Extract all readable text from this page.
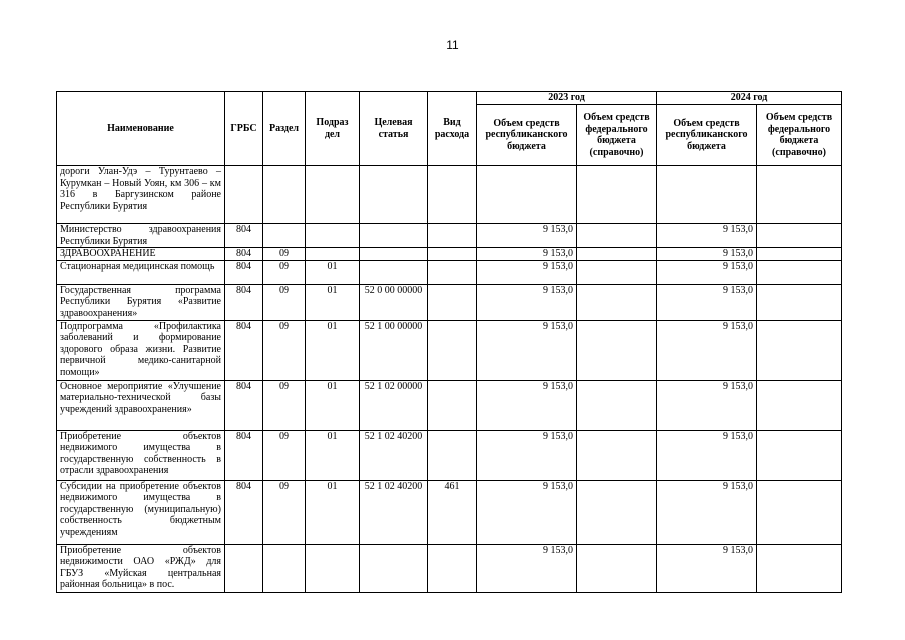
11
Наименование	ГРБС	Раздел	Подраз дел	Целевая статья	Вид расхода	2023 год		2024 год	
						Объем средств республиканского бюджета	Объем средств федерального бюджета (справочно)	Объем средств республиканского бюджета	Объем средств федерального бюджета (справочно)
дороги Улан-Удэ – Турунтаево – Курумкан – Новый Уоян, км 306 – км 316 в Баргузинском районе Республики Бурятия									
Министерство здравоохранения Республики Бурятия	804					9 153,0		9 153,0	
ЗДРАВООХРАНЕНИЕ	804	09				9 153,0		9 153,0	
Стационарная медицинская помощь	804	09	01			9 153,0		9 153,0	
Государственная программа Республики Бурятия «Развитие здравоохранения»	804	09	01	52 0 00 00000		9 153,0		9 153,0	
Подпрограмма «Профилактика заболеваний и формирование здорового образа жизни. Развитие первичной медико-санитарной помощи»	804	09	01	52 1 00 00000		9 153,0		9 153,0	
Основное мероприятие «Улучшение материально-технической базы учреждений здравоохранения»	804	09	01	52 1 02 00000		9 153,0		9 153,0	
Приобретение объектов недвижимого имущества в государственную собственность в отрасли здравоохранения	804	09	01	52 1 02 40200		9 153,0		9 153,0	
Субсидии на приобретение объектов недвижимого имущества в государственную (муниципальную) собственность бюджетным учреждениям	804	09	01	52 1 02 40200	461	9 153,0		9 153,0	
Приобретение объектов недвижимости ОАО «РЖД» для ГБУЗ «Муйская центральная районная больница» в пос.						9 153,0		9 153,0	
